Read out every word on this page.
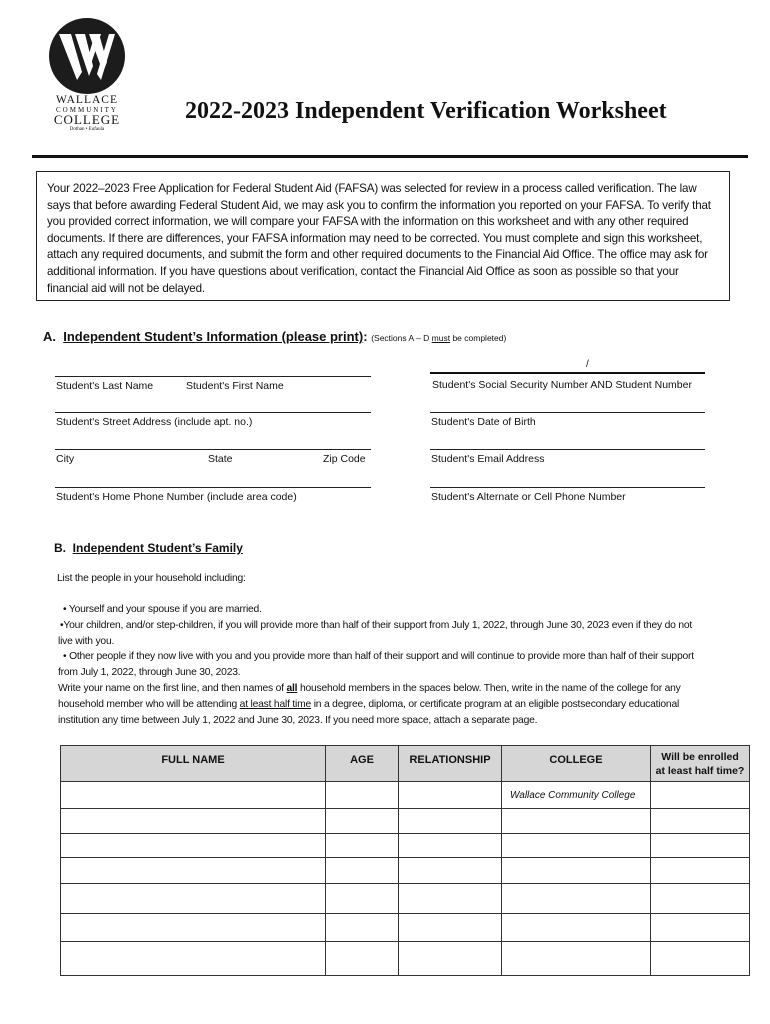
WALLACE
COMMUNITY
COLLEGE
Dothan • Eufaula
2022-2023 Independent Verification Worksheet
Your 2022–2023 Free Application for Federal Student Aid (FAFSA) was selected for review in a process called verification. The law says that before awarding Federal Student Aid, we may ask you to confirm the information you reported on your FAFSA. To verify that you provided correct information, we will compare your FAFSA with the information on this worksheet and with any other required documents. If there are differences, your FAFSA information may need to be corrected. You must complete and sign this worksheet, attach any required documents, and submit the form and other required documents to the Financial Aid Office. The office may ask for additional information. If you have questions about verification, contact the Financial Aid Office as soon as possible so that your financial aid will not be delayed.
A. Independent Student’s Information (please print): (Sections A – D must be completed)
Student's Last Name	Student's First Name
Student's Street Address (include apt. no.)
City	State	Zip Code
Student's Home Phone Number (include area code)
/
Student's Social Security Number AND Student Number
Student's Date of Birth
Student's Email Address
Student's Alternate or Cell Phone Number
B. Independent Student’s Family
List the people in your household including:
• Yourself and your spouse if you are married.
•Your children, and/or step-children, if you will provide more than half of their support from July 1, 2022, through June 30, 2023 even if they do not
live with you.
• Other people if they now live with you and you provide more than half of their support and will continue to provide more than half of their support
from July 1, 2022, through June 30, 2023.
Write your name on the first line, and then names of all household members in the spaces below. Then, write in the name of the college for any
household member who will be attending at least half time in a degree, diploma, or certificate program at an eligible postsecondary educational
institution any time between July 1, 2022 and June 30, 2023. If you need more space, attach a separate page.
FULL NAME	AGE	RELATIONSHIP	COLLEGE	Will be enrolled
at least half time?

			Wallace Community College	
